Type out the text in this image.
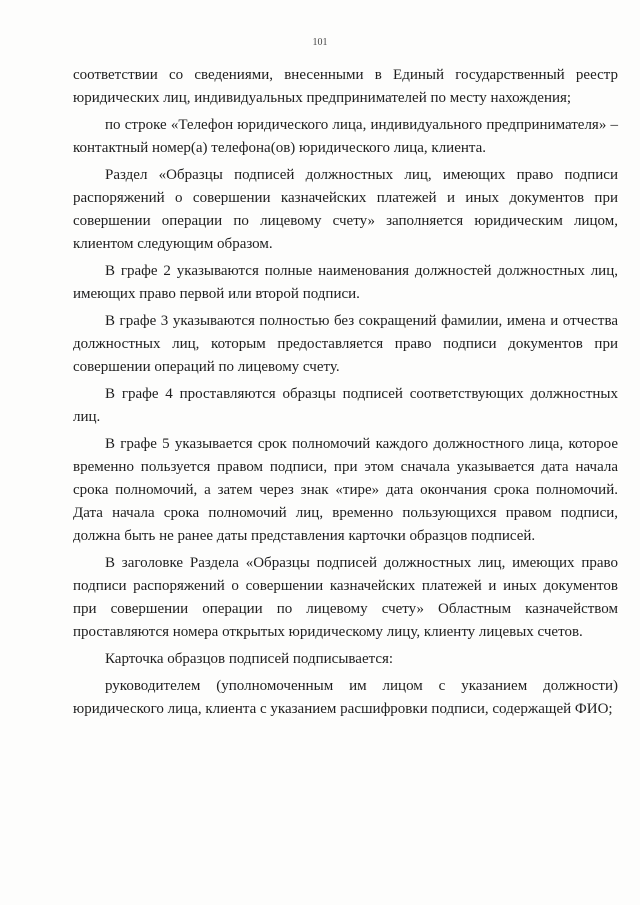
101

соответствии со сведениями, внесенными в Единый государственный реестр юридических лиц, индивидуальных предпринимателей по месту нахождения;

по строке «Телефон юридического лица, индивидуального предпринимателя» – контактный номер(а) телефона(ов) юридического лица, клиента.

Раздел «Образцы подписей должностных лиц, имеющих право подписи распоряжений о совершении казначейских платежей и иных документов при совершении операции по лицевому счету» заполняется юридическим лицом, клиентом следующим образом.

В графе 2 указываются полные наименования должностей должностных лиц, имеющих право первой или второй подписи.

В графе 3 указываются полностью без сокращений фамилии, имена и отчества должностных лиц, которым предоставляется право подписи документов при совершении операций по лицевому счету.

В графе 4 проставляются образцы подписей соответствующих должностных лиц.

В графе 5 указывается срок полномочий каждого должностного лица, которое временно пользуется правом подписи, при этом сначала указывается дата начала срока полномочий, а затем через знак «тире» дата окончания срока полномочий. Дата начала срока полномочий лиц, временно пользующихся правом подписи, должна быть не ранее даты представления карточки образцов подписей.

В заголовке Раздела «Образцы подписей должностных лиц, имеющих право подписи распоряжений о совершении казначейских платежей и иных документов при совершении операции по лицевому счету» Областным казначейством проставляются номера открытых юридическому лицу, клиенту лицевых счетов.

Карточка образцов подписей подписывается:

руководителем (уполномоченным им лицом с указанием должности) юридического лица, клиента с указанием расшифровки подписи, содержащей ФИО;
